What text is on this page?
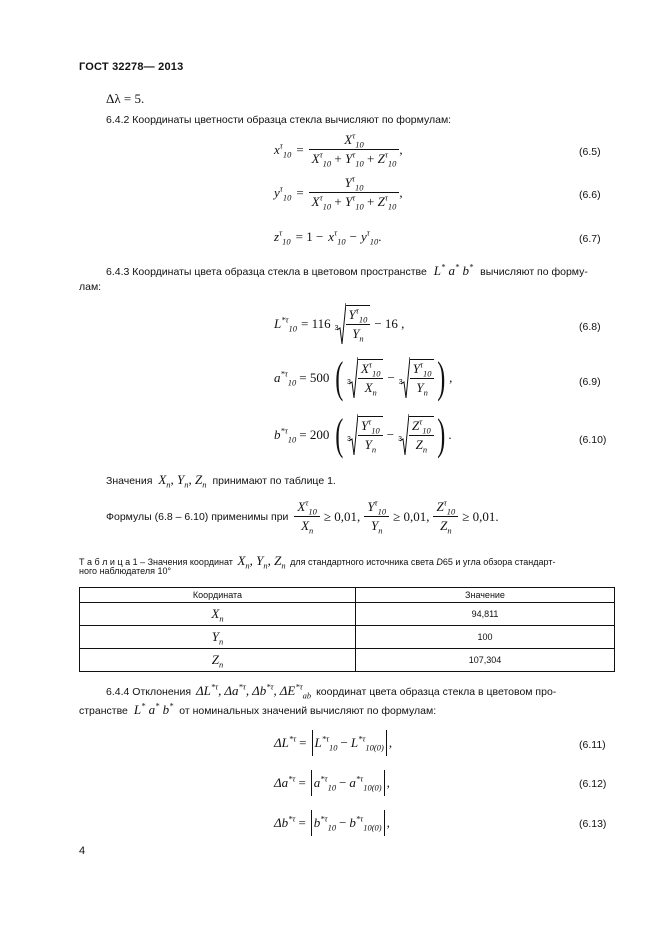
ГОСТ 32278— 2013
Δλ = 5.
6.4.2 Координаты цветности образца стекла вычисляют по формулам:
$x^\tau_{10} = \frac{X^\tau_{10}}{X^\tau_{10} + Y^\tau_{10} + Z^\tau_{10}}$ ,	(6.5)
$y^\tau_{10} = \frac{Y^\tau_{10}}{X^\tau_{10} + Y^\tau_{10} + Z^\tau_{10}}$ ,	(6.6)
$z^\tau_{10} = 1 - x^\tau_{10} - y^\tau_{10}$ .	(6.7)
6.4.3 Координаты цвета образца стекла в цветовом пространстве L* a* b* вычисляют по форму-
лам:
$L^{*\tau}_{10} = 116$ $3 \frac{Y^\tau_{10}}{Y_n} - 16$ ,	(6.8)
$a^{*\tau}_{10} = 500$ ( $3 \frac{X^\tau_{10}}{X_n} - 3 \frac{Y^\tau_{10}}{Y_n}$ ) ,	(6.9)
$b^{*\tau}_{10} = 200$ ( $3 \frac{Y^\tau_{10}}{Y_n} - 3 \frac{Z^\tau_{10}}{Z_n}$ ) .	(6.10)
Значения $X_n$, $Y_n$, $Z_n$ принимают по таблице 1.
Формулы (6.8 – 6.10) применимы при $\frac{X^\tau_{10}}{X_n} \ge 0,01$, $\frac{Y^\tau_{10}}{Y_n} \ge 0,01$, $\frac{Z^\tau_{10}}{Z_n} \ge 0,01$.
Т а б л и ц а 1 – Значения координат $X_n$, $Y_n$, $Z_n$ для стандартного источника света D65 и угла обзора стандарт-
ного наблюдателя 10°
Координата	Значение
$X_n$	94,811
$Y_n$	100
$Z_n$	107,304
6.4.4 Отклонения $\Delta L^{*\tau}$, $\Delta a^{*\tau}$, $\Delta b^{*\tau}$, $\Delta E^{*\tau}_{ab}$ координат цвета образца стекла в цветовом про-
странстве L* a* b* от номинальных значений вычисляют по формулам:
$\Delta L^{*\tau} = L^{*\tau}_{10} - L^{*\tau}_{10(0)}$ ,	(6.11)
$\Delta a^{*\tau} = a^{*\tau}_{10} - a^{*\tau}_{10(0)}$ ,	(6.12)
$\Delta b^{*\tau} = b^{*\tau}_{10} - b^{*\tau}_{10(0)}$ ,	(6.13)
4
